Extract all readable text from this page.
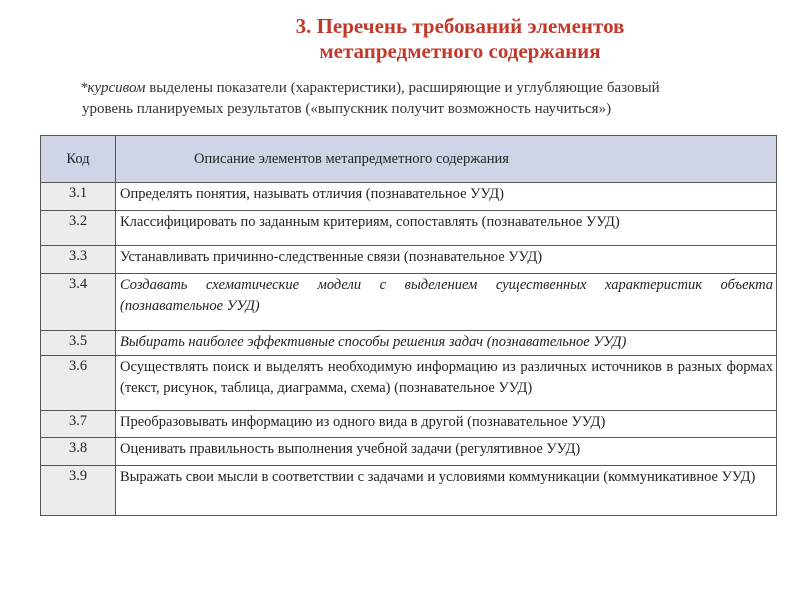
3. Перечень требований элементов
метапредметного содержания
*курсивом выделены показатели (характеристики), расширяющие и углубляющие базовый
уровень планируемых результатов («выпускник получит возможность научиться»)
Код	Описание элементов метапредметного содержания
3.1	Определять понятия, называть отличия (познавательное УУД)
3.2	Классифицировать по заданным критериям, сопоставлять (познавательное УУД)
3.3	Устанавливать причинно-следственные связи (познавательное УУД)
3.4	Создавать схематические модели с выделением существенных характеристик объекта (познавательное УУД)
3.5	Выбирать наиболее эффективные способы решения задач (познавательное УУД)
3.6	Осуществлять поиск и выделять необходимую информацию из различных источников в разных формах (текст, рисунок, таблица, диаграмма, схема) (познавательное УУД)
3.7	Преобразовывать информацию из одного вида в другой (познавательное УУД)
3.8	Оценивать правильность выполнения учебной задачи (регулятивное УУД)
3.9	Выражать свои мысли в соответствии с задачами и условиями коммуникации (коммуникативное УУД)
